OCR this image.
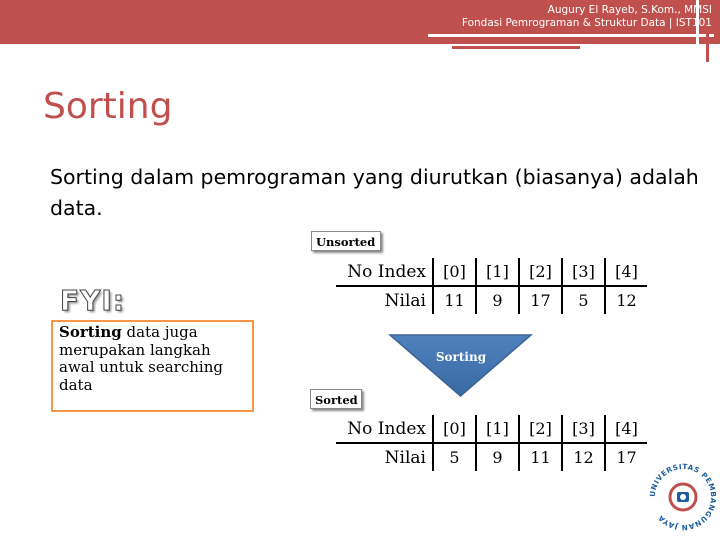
Augury El Rayeb, S.Kom., MMSI
Fondasi Pemrograman & Struktur Data | IST101
Sorting

Sorting dalam pemrograman yang diurutkan (biasanya) adalah data.

FYI:
Sorting data juga merupakan langkah awal untuk searching data
Unsorted
No Index	[0]	[1]	[2]	[3]	[4]
Nilai	11	9	17	5	12
Sorting
Sorted
No Index	[0]	[1]	[2]	[3]	[4]
Nilai	5	9	11	12	17
UNIVERSITAS PEMBANGUNAN JAYA
